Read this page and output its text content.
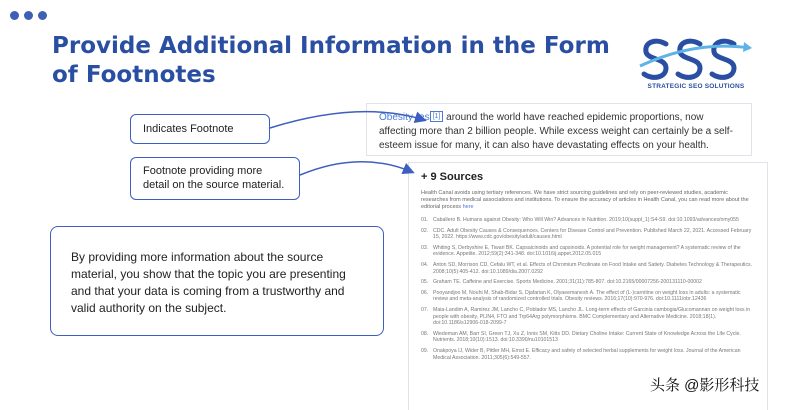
Provide Additional Information in the Form of Footnotes	STRATEGIC SEO SOLUTIONS
Indicates Footnote
Footnote providing more detail on the source material.
By providing more information about the source material, you show that the topic you are presenting and that your data is coming from a trustworthy and valid authority on the subject.
Obesity res [1] around the world have reached epidemic proportions, now affecting more than 2 billion people. While excess weight can certainly be a self-esteem issue for many, it can also have devastating effects on your health.
+ 9 Sources
Health Canal avoids using tertiary references. We have strict sourcing guidelines and rely on peer-reviewed studies, academic researches from medical associations and institutions. To ensure the accuracy of articles in Health Canal, you can read more about the editorial process here
01. Caballero B. Humans against Obesity: Who Will Win? Advances in Nutrition. 2019;10(suppl_1):S4-S9. doi:10.1093/advances/nmy055
02. CDC. Adult Obesity Causes & Consequences. Centers for Disease Control and Prevention. Published March 22, 2021. Accessed February 15, 2022. https://www.cdc.gov/obesity/adult/causes.html
03. Whiting S, Derbyshire E, Tiwari BK. Capsaicinoids and capsinoids. A potential role for weight management? A systematic review of the evidence. Appetite. 2012;59(2):341-348. doi:10.1016/j.appet.2012.05.015
04. Anton SD, Morrison CD, Cefalu WT, et al. Effects of Chromium Picolinate on Food Intake and Satiety. Diabetes Technology & Therapeutics. 2008;10(5):405-412. doi:10.1089/dia.2007.0292
05. Graham TE. Caffeine and Exercise. Sports Medicine. 2001;31(11):785-807. doi:10.2165/00007256-200131110-00002
06. Pooyandjoo M, Nouhi M, Shab-Bidar S, Djafarian K, Olyaeemanesh A. The effect of (L-)carnitine on weight loss in adults: a systematic review and meta-analysis of randomized controlled trials. Obesity reviews. 2016;17(10):970-976. doi:10.1111/obr.12436
07. Maia-Landim A, Ramirez JM, Lancho C, Poblador MS, Lancho JL. Long-term effects of Garcinia cambogia/Glucomannan on weight loss in people with obesity, PLIN4, FTO and Trp64Arg polymorphisms. BMC Complementary and Alternative Medicine. 2018;18(1). doi:10.1186/s12906-018-2099-7
08. Wiedeman AM, Barr SI, Green TJ, Xu Z, Innis SM, Kitts DD. Dietary Choline Intake: Current State of Knowledge Across the Life Cycle. Nutrients. 2018;10(10):1513. doi:10.3390/nu10101513
09. Onakpoya IJ, Wider B, Pittler MH, Ernst E. Efficacy and safety of selected herbal supplements for weight loss. Journal of the American Medical Association. 2011;305(6):549-557.
头条 @影形科技
